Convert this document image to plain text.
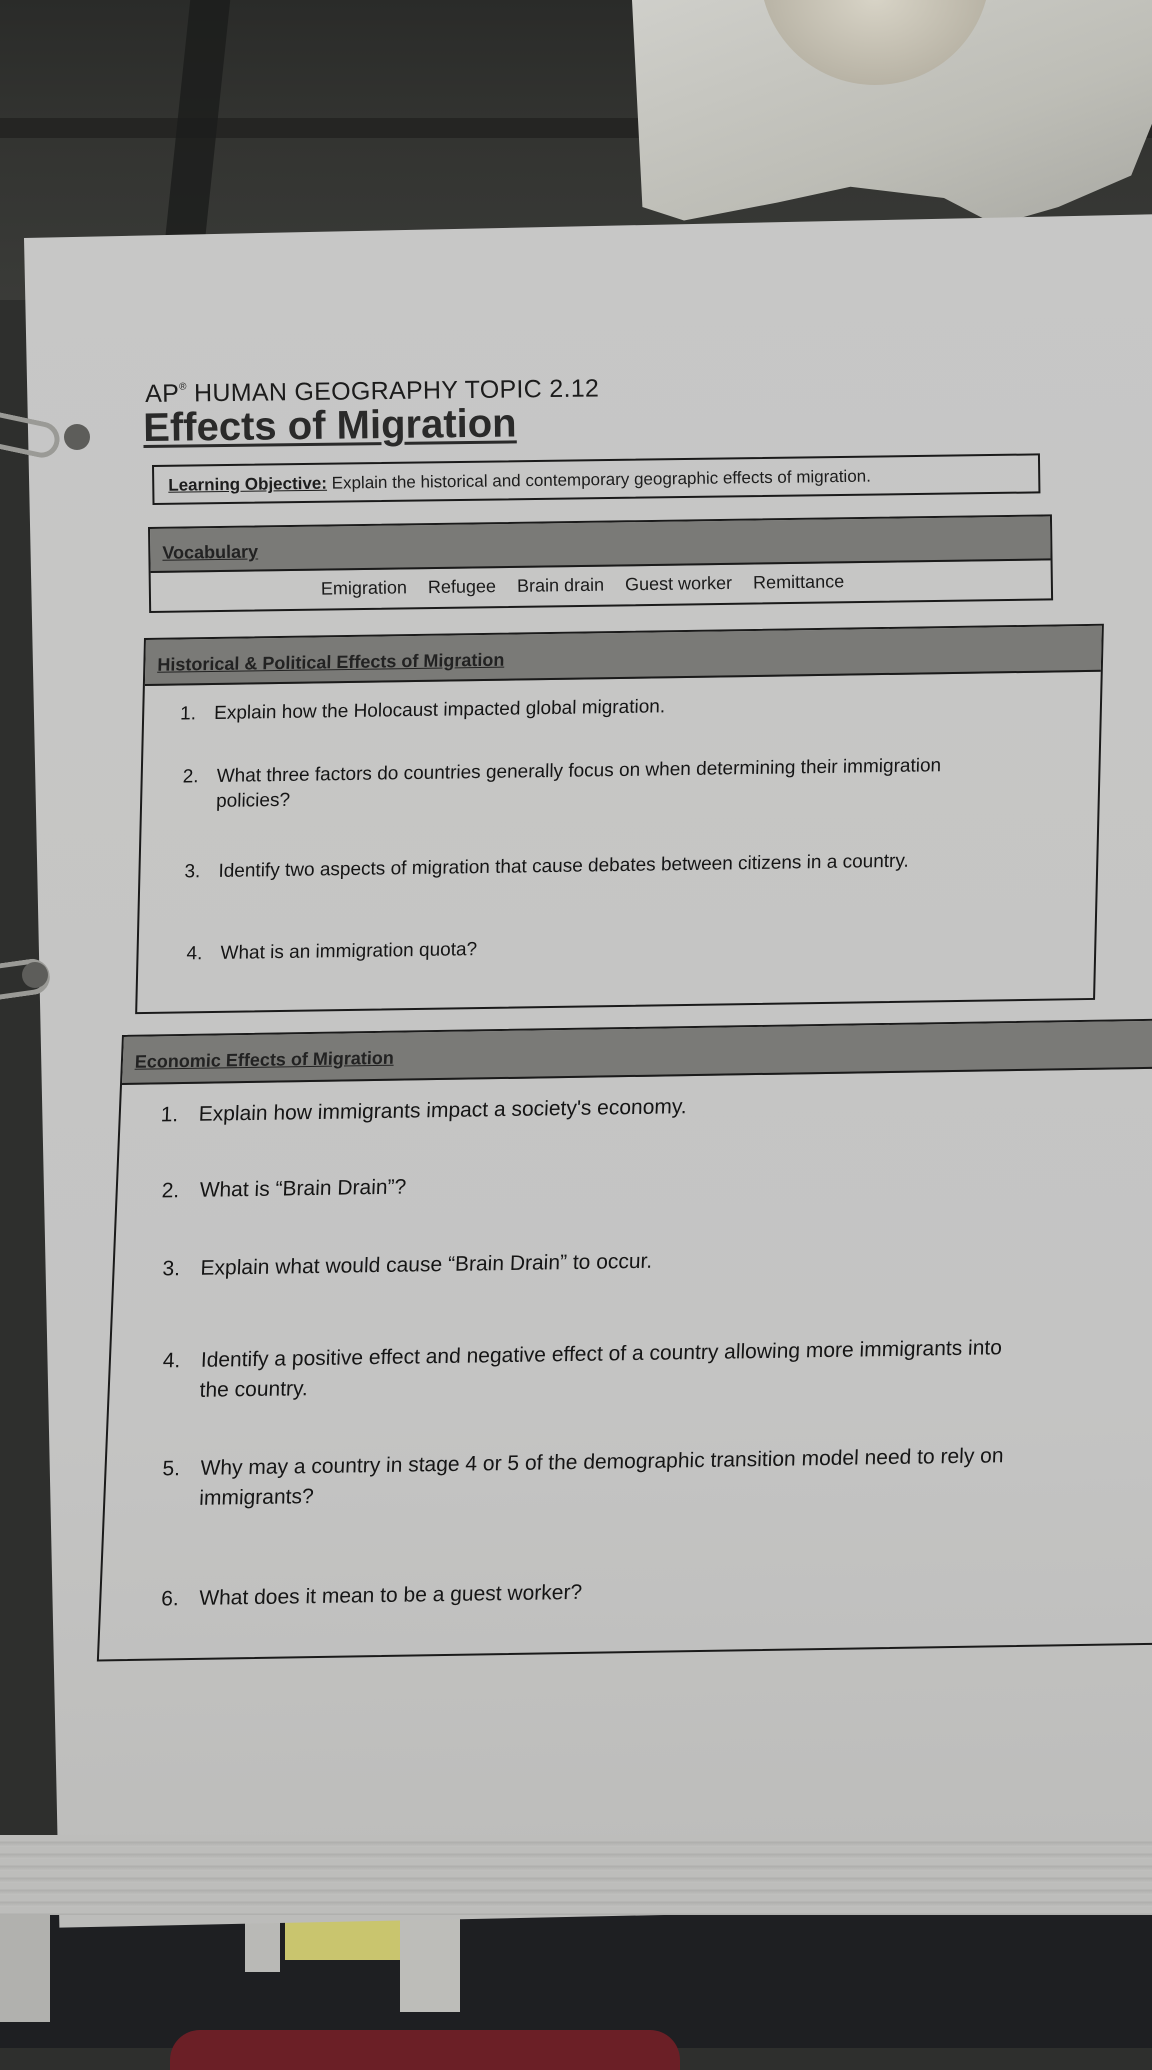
AP® HUMAN GEOGRAPHY TOPIC 2.12
Effects of Migration
Learning Objective: Explain the historical and contemporary geographic effects of migration.
Vocabulary
Emigration Refugee Brain drain Guest worker Remittance
Historical & Political Effects of Migration
1. Explain how the Holocaust impacted global migration.
2. What three factors do countries generally focus on when determining their immigration
policies?
3. Identify two aspects of migration that cause debates between citizens in a country.
4. What is an immigration quota?
Economic Effects of Migration
1. Explain how immigrants impact a society's economy.
2. What is “Brain Drain”?
3. Explain what would cause “Brain Drain” to occur.
4. Identify a positive effect and negative effect of a country allowing more immigrants into
the country.
5. Why may a country in stage 4 or 5 of the demographic transition model need to rely on
immigrants?
6. What does it mean to be a guest worker?
